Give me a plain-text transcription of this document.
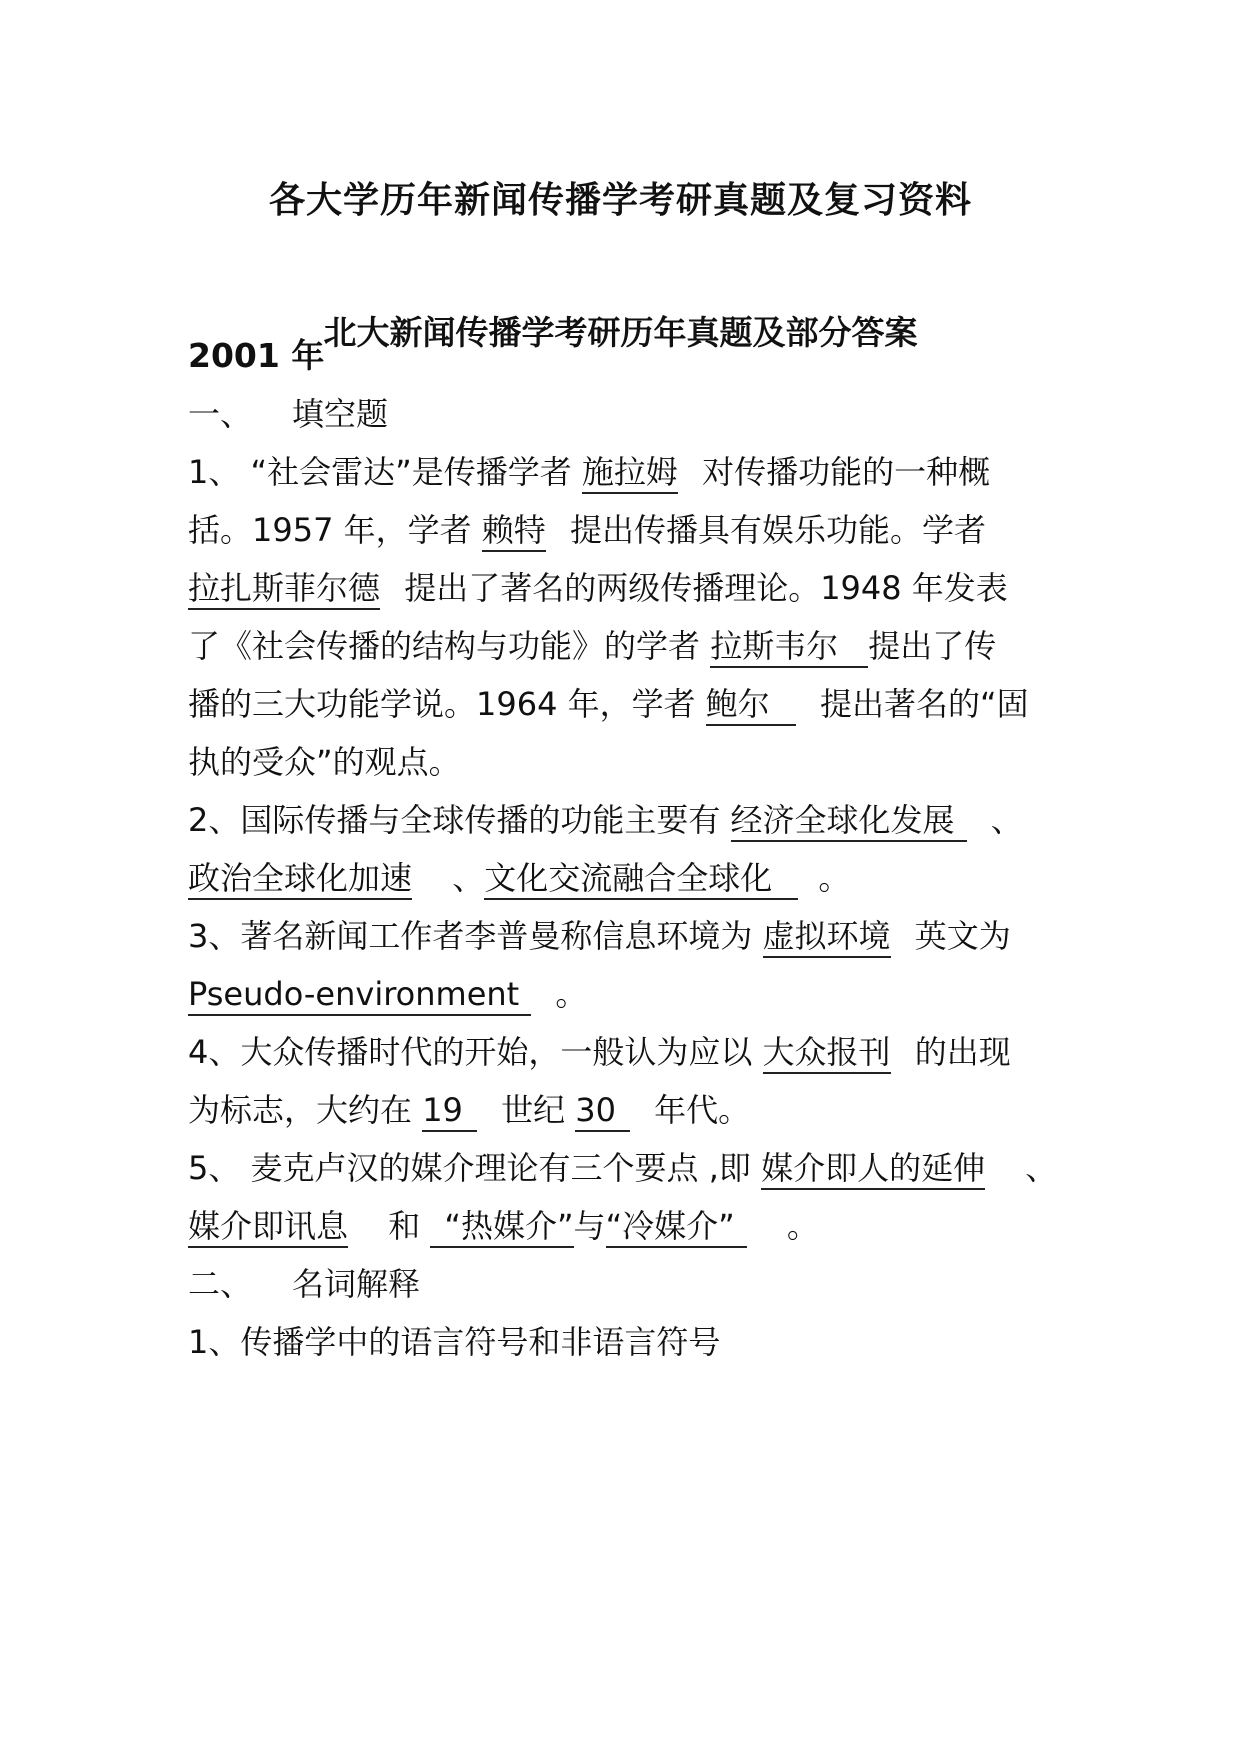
各大学历年新闻传播学考研真题及复习资料
北大新闻传播学考研历年真题及部分答案
2001 年
一、 填空题
1、 “社会雷达”是传播学者 施拉姆 对传播功能的一种概
括。1957 年，学者 赖特 提出传播具有娱乐功能。学者
拉扎斯菲尔德 提出了著名的两级传播理论。1948 年发表
了《社会传播的结构与功能》的学者 拉斯韦尔 提出了传
播的三大功能学说。1964 年，学者 鲍尔 提出著名的“固
执的受众”的观点。
2、国际传播与全球传播的功能主要有 经济全球化发展 、
政治全球化加速 、文化交流融合全球化 。
3、著名新闻工作者李普曼称信息环境为 虚拟环境 英文为
Pseudo-environment 。
4、大众传播时代的开始，一般认为应以 大众报刊 的出现
为标志，大约在 19 世纪 30 年代。
5、 麦克卢汉的媒介理论有三个要点 ,即 媒介即人的延伸 、
媒介即讯息 和 “热媒介”与“冷媒介” 。
二、 名词解释
1、传播学中的语言符号和非语言符号
